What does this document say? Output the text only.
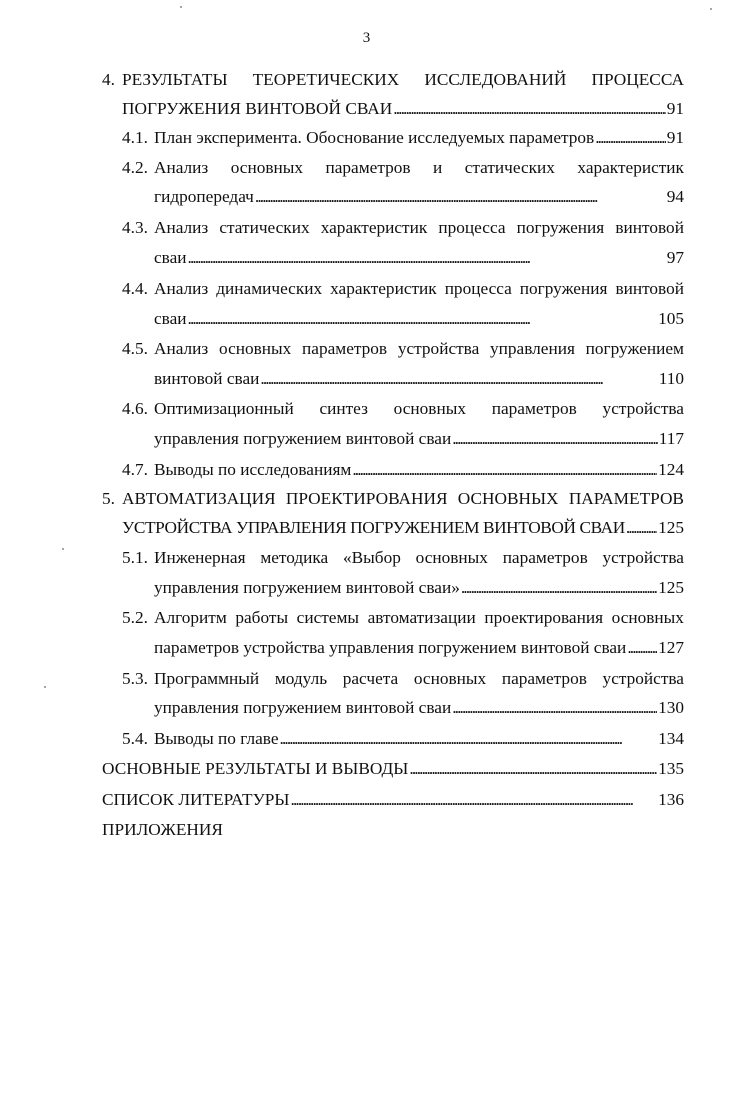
3
4. РЕЗУЛЬТАТЫ ТЕОРЕТИЧЕСКИХ ИССЛЕДОВАНИЙ ПРОЦЕССА
ПОГРУЖЕНИЯ ВИНТОВОЙ СВАИ . . .	91
4.1. План эксперимента. Обоснование исследуемых параметров . . .	91
4.2. Анализ основных параметров и статических характеристик
гидропередач . . .	94
4.3. Анализ статических характеристик процесса погружения винтовой
сваи . . .	97
4.4. Анализ динамических характеристик процесса погружения винтовой
сваи . . .	105
4.5. Анализ основных параметров устройства управления погружением
винтовой сваи . . .	110
4.6. Оптимизационный синтез основных параметров устройства
управления погружением винтовой сваи . . .	117
4.7. Выводы по исследованиям . . .	124
5. АВТОМАТИЗАЦИЯ ПРОЕКТИРОВАНИЯ ОСНОВНЫХ ПАРАМЕТРОВ
УСТРОЙСТВА УПРАВЛЕНИЯ ПОГРУЖЕНИЕМ ВИНТОВОЙ СВАИ . . . 125
5.1. Инженерная методика «Выбор основных параметров устройства
управления погружением винтовой сваи» . . .	125
5.2. Алгоритм работы системы автоматизации проектирования основных
параметров устройства управления погружением винтовой сваи . . . 127
5.3. Программный модуль расчета основных параметров устройства
управления погружением винтовой сваи . . .	130
5.4. Выводы по главе . . .	134
ОСНОВНЫЕ РЕЗУЛЬТАТЫ И ВЫВОДЫ . . .	135
СПИСОК ЛИТЕРАТУРЫ . . .	136
ПРИЛОЖЕНИЯ
